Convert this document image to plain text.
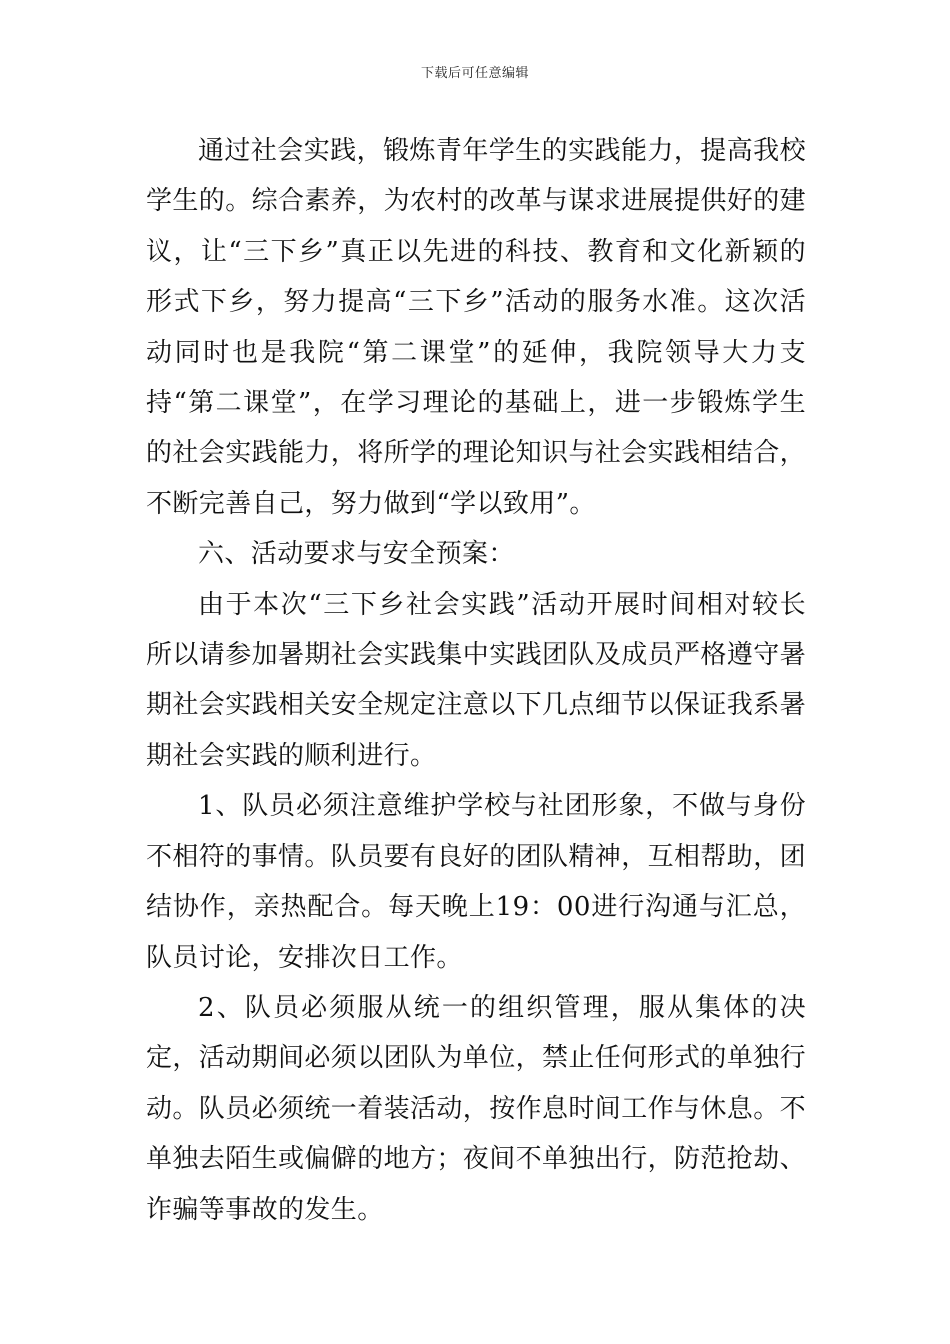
下载后可任意编辑

通过社会实践，锻炼青年学生的实践能力，提高我校学生的。综合素养，为农村的改革与谋求进展提供好的建议，让“三下乡”真正以先进的科技、教育和文化新颖的形式下乡，努力提高“三下乡”活动的服务水准。这次活动同时也是我院“第二课堂”的延伸，我院领导大力支持“第二课堂”，在学习理论的基础上，进一步锻炼学生的社会实践能力，将所学的理论知识与社会实践相结合，不断完善自己，努力做到“学以致用”。

六、活动要求与安全预案：

由于本次“三下乡社会实践”活动开展时间相对较长所以请参加暑期社会实践集中实践团队及成员严格遵守暑期社会实践相关安全规定注意以下几点细节以保证我系暑期社会实践的顺利进行。

1、队员必须注意维护学校与社团形象，不做与身份不相符的事情。队员要有良好的团队精神，互相帮助，团结协作，亲热配合。每天晚上19：00进行沟通与汇总，队员讨论，安排次日工作。

2、队员必须服从统一的组织管理，服从集体的决定，活动期间必须以团队为单位，禁止任何形式的单独行动。队员必须统一着装活动，按作息时间工作与休息。不单独去陌生或偏僻的地方；夜间不单独出行，防范抢劫、诈骗等事故的发生。
